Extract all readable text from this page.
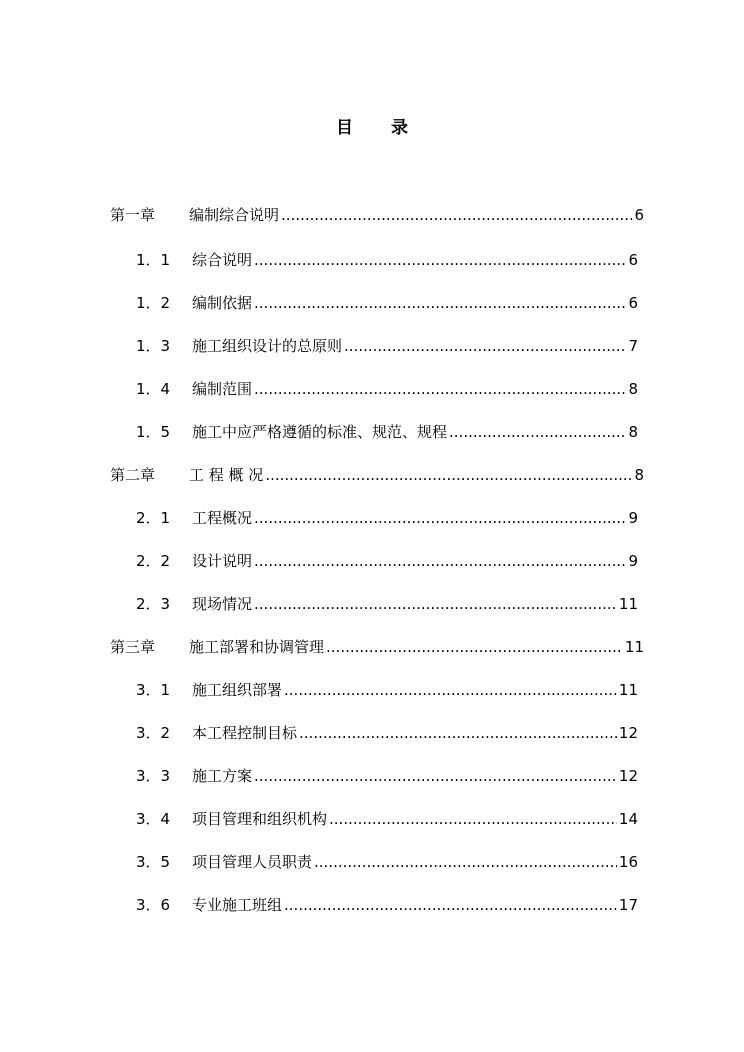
目 录
第一章	编制综合说明 .....	6
1．1	综合说明 .....	6
1．2	编制依据 .....	6
1．3	施工组织设计的总原则 .....	7
1．4	编制范围 .....	8
1．5	施工中应严格遵循的标准、规范、规程 .....	8
第二章	工 程 概 况 .....	8
2．1	工程概况 .....	9
2．2	设计说明 .....	9
2．3	现场情况 .....	11
第三章	施工部署和协调管理 .....	11
3．1	施工组织部署 .....	11
3．2	本工程控制目标 .....	12
3．3	施工方案 .....	12
3．4	项目管理和组织机构 .....	14
3．5	项目管理人员职责 .....	16
3．6	专业施工班组 .....	17
